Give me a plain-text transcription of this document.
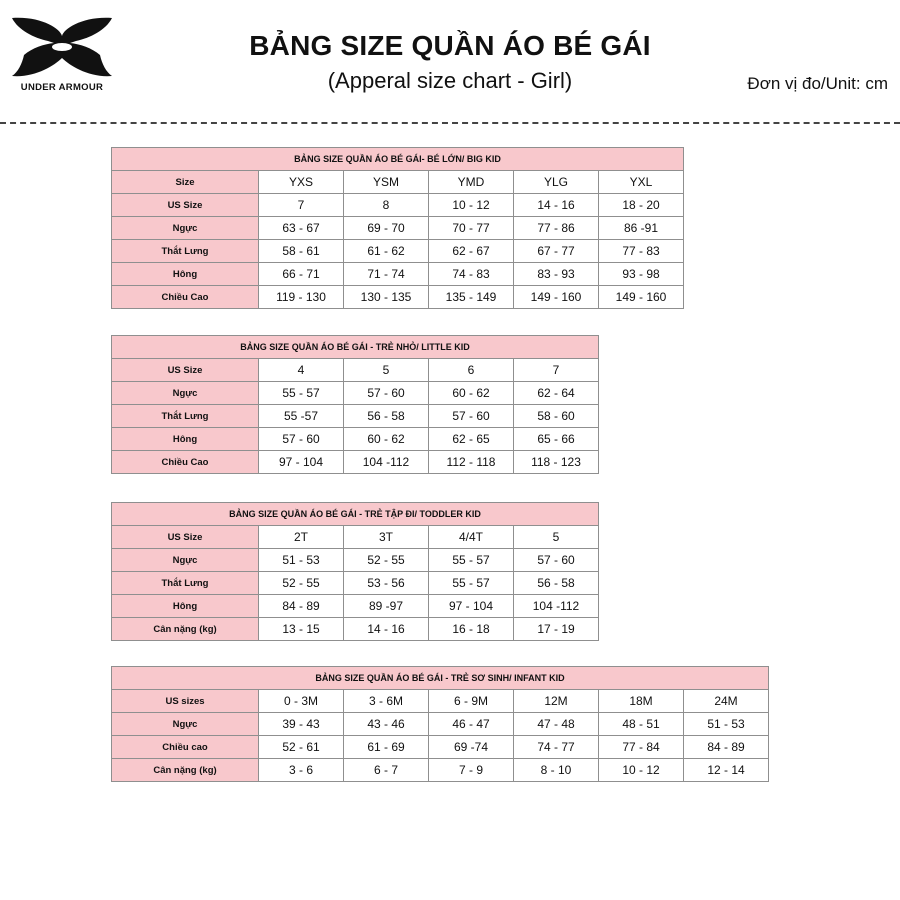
UNDER ARMOUR
BẢNG SIZE QUẦN ÁO BÉ GÁI
(Apperal size chart - Girl)	Đơn vị đo/Unit: cm
BẢNG SIZE QUẦN ÁO BÉ GÁI- BÉ LỚN/ BIG KID					
Size	YXS	YSM	YMD	YLG	YXL
US Size	7	8	10 - 12	14 - 16	18 - 20
Ngực	63 - 67	69 - 70	70 - 77	77 - 86	86 -91
Thắt Lưng	58 - 61	61 - 62	62 - 67	67 - 77	77 - 83
Hông	66 - 71	71 - 74	74 - 83	83 - 93	93 - 98
Chiều Cao	119 - 130	130 - 135	135 - 149	149 - 160	149 - 160
BẢNG SIZE QUẦN ÁO BÉ GÁI - TRẺ NHỎ/ LITTLE KID				
US Size	4	5	6	7
Ngực	55 - 57	57 - 60	60 - 62	62 - 64
Thắt Lưng	55 -57	56 - 58	57 - 60	58 - 60
Hông	57 - 60	60 - 62	62 - 65	65 - 66
Chiều Cao	97 - 104	104 -112	112 - 118	118 - 123
BẢNG SIZE QUẦN ÁO BÉ GÁI - TRẺ TẬP ĐI/ TODDLER KID				
US Size	2T	3T	4/4T	5
Ngực	51 - 53	52 - 55	55 - 57	57 - 60
Thắt Lưng	52 - 55	53 - 56	55 - 57	56 - 58
Hông	84 - 89	89 -97	97 - 104	104 -112
Cân nặng (kg)	13 - 15	14 - 16	16 - 18	17 - 19
BẢNG SIZE QUẦN ÁO BÉ GÁI - TRẺ SƠ SINH/ INFANT KID						
US sizes	0 - 3M	3 - 6M	6 - 9M	12M	18M	24M
Ngực	39 - 43	43 - 46	46 - 47	47 - 48	48 - 51	51 - 53
Chiều cao	52 - 61	61 - 69	69 -74	74 - 77	77 - 84	84 - 89
Cân nặng (kg)	3 - 6	6 - 7	7 - 9	8 - 10	10 - 12	12 - 14
